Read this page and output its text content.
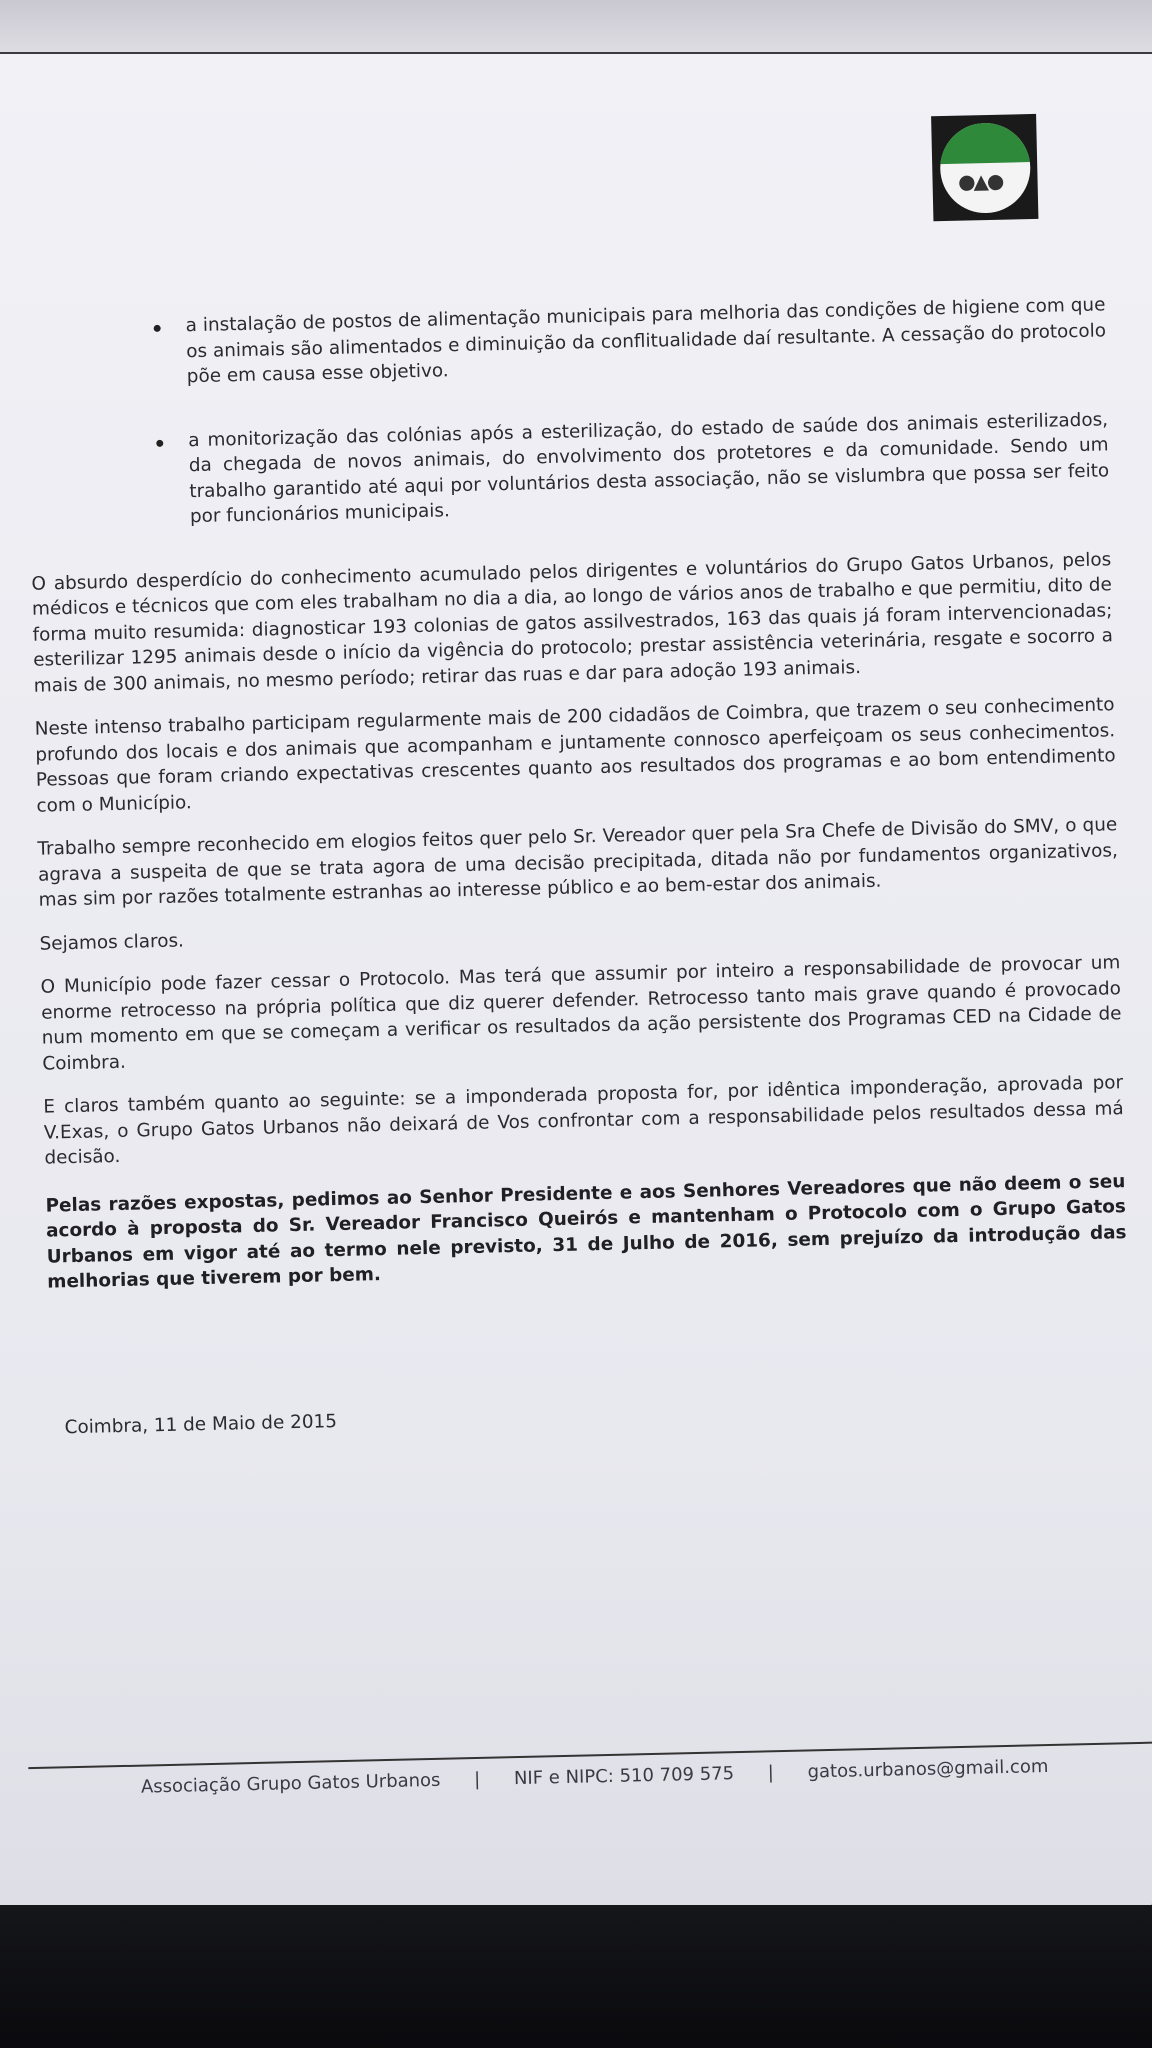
●▲●
a instalação de postos de alimentação municipais para melhoria das condições de higiene com que os animais são alimentados e diminuição da conflitualidade daí resultante. A cessação do protocolo põe em causa esse objetivo.
a monitorização das colónias após a esterilização, do estado de saúde dos animais esterilizados, da chegada de novos animais, do envolvimento dos protetores e da comunidade. Sendo um trabalho garantido até aqui por voluntários desta associação, não se vislumbra que possa ser feito por funcionários municipais.

O absurdo desperdício do conhecimento acumulado pelos dirigentes e voluntários do Grupo Gatos Urbanos, pelos médicos e técnicos que com eles trabalham no dia a dia, ao longo de vários anos de trabalho e que permitiu, dito de forma muito resumida: diagnosticar 193 colonias de gatos assilvestrados, 163 das quais já foram intervencionadas; esterilizar 1295 animais desde o início da vigência do protocolo; prestar assistência veterinária, resgate e socorro a mais de 300 animais, no mesmo período; retirar das ruas e dar para adoção 193 animais.

Neste intenso trabalho participam regularmente mais de 200 cidadãos de Coimbra, que trazem o seu conhecimento profundo dos locais e dos animais que acompanham e juntamente connosco aperfeiçoam os seus conhecimentos. Pessoas que foram criando expectativas crescentes quanto aos resultados dos programas e ao bom entendimento com o Município.

Trabalho sempre reconhecido em elogios feitos quer pelo Sr. Vereador quer pela Sra Chefe de Divisão do SMV, o que agrava a suspeita de que se trata agora de uma decisão precipitada, ditada não por fundamentos organizativos, mas sim por razões totalmente estranhas ao interesse público e ao bem-estar dos animais.

Sejamos claros.

O Município pode fazer cessar o Protocolo. Mas terá que assumir por inteiro a responsabilidade de provocar um enorme retrocesso na própria política que diz querer defender. Retrocesso tanto mais grave quando é provocado num momento em que se começam a verificar os resultados da ação persistente dos Programas CED na Cidade de Coimbra.

E claros também quanto ao seguinte: se a imponderada proposta for, por idêntica imponderação, aprovada por V.Exas, o Grupo Gatos Urbanos não deixará de Vos confrontar com a responsabilidade pelos resultados dessa má decisão.

Pelas razões expostas, pedimos ao Senhor Presidente e aos Senhores Vereadores que não deem o seu acordo à proposta do Sr. Vereador Francisco Queirós e mantenham o Protocolo com o Grupo Gatos Urbanos em vigor até ao termo nele previsto, 31 de Julho de 2016, sem prejuízo da introdução das melhorias que tiverem por bem.

Coimbra, 11 de Maio de 2015

Associação Grupo Gatos Urbanos | NIF e NIPC: 510 709 575 | gatos.urbanos@gmail.com
